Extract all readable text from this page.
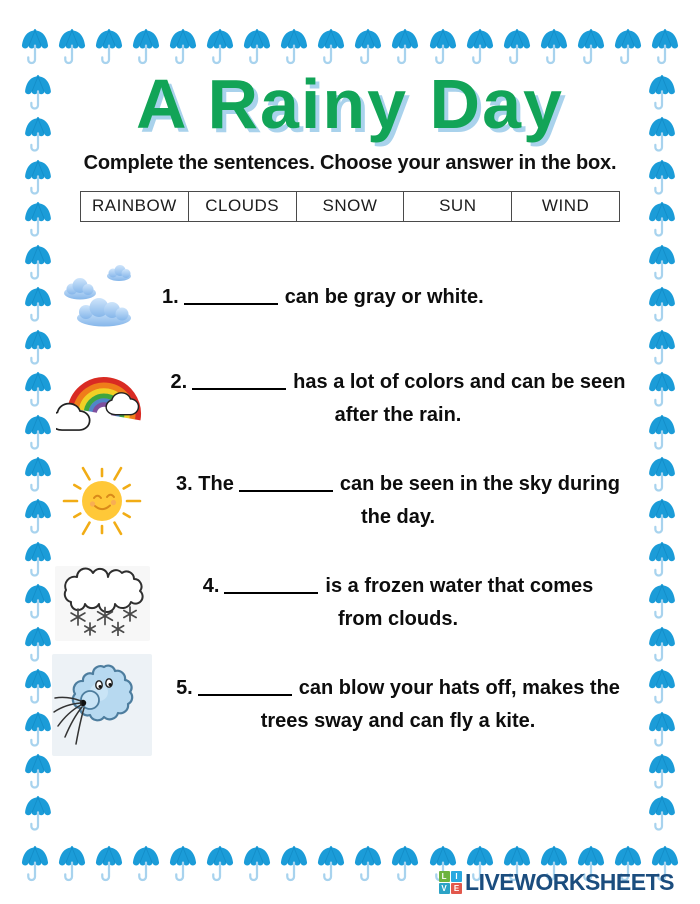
A Rainy Day
Complete the sentences. Choose your answer in the box.
RAINBOW	CLOUDS	SNOW	SUN	WIND
1.	can be gray or white.
2.	has a lot of colors and can be seen
after the rain.
3. The	can be seen in the sky during
the day.
4.	is a frozen water that comes
from clouds.
5.	can blow your hats off, makes the
trees sway and can fly a kite.
L	I
V E LIVEWORKSHEETS
